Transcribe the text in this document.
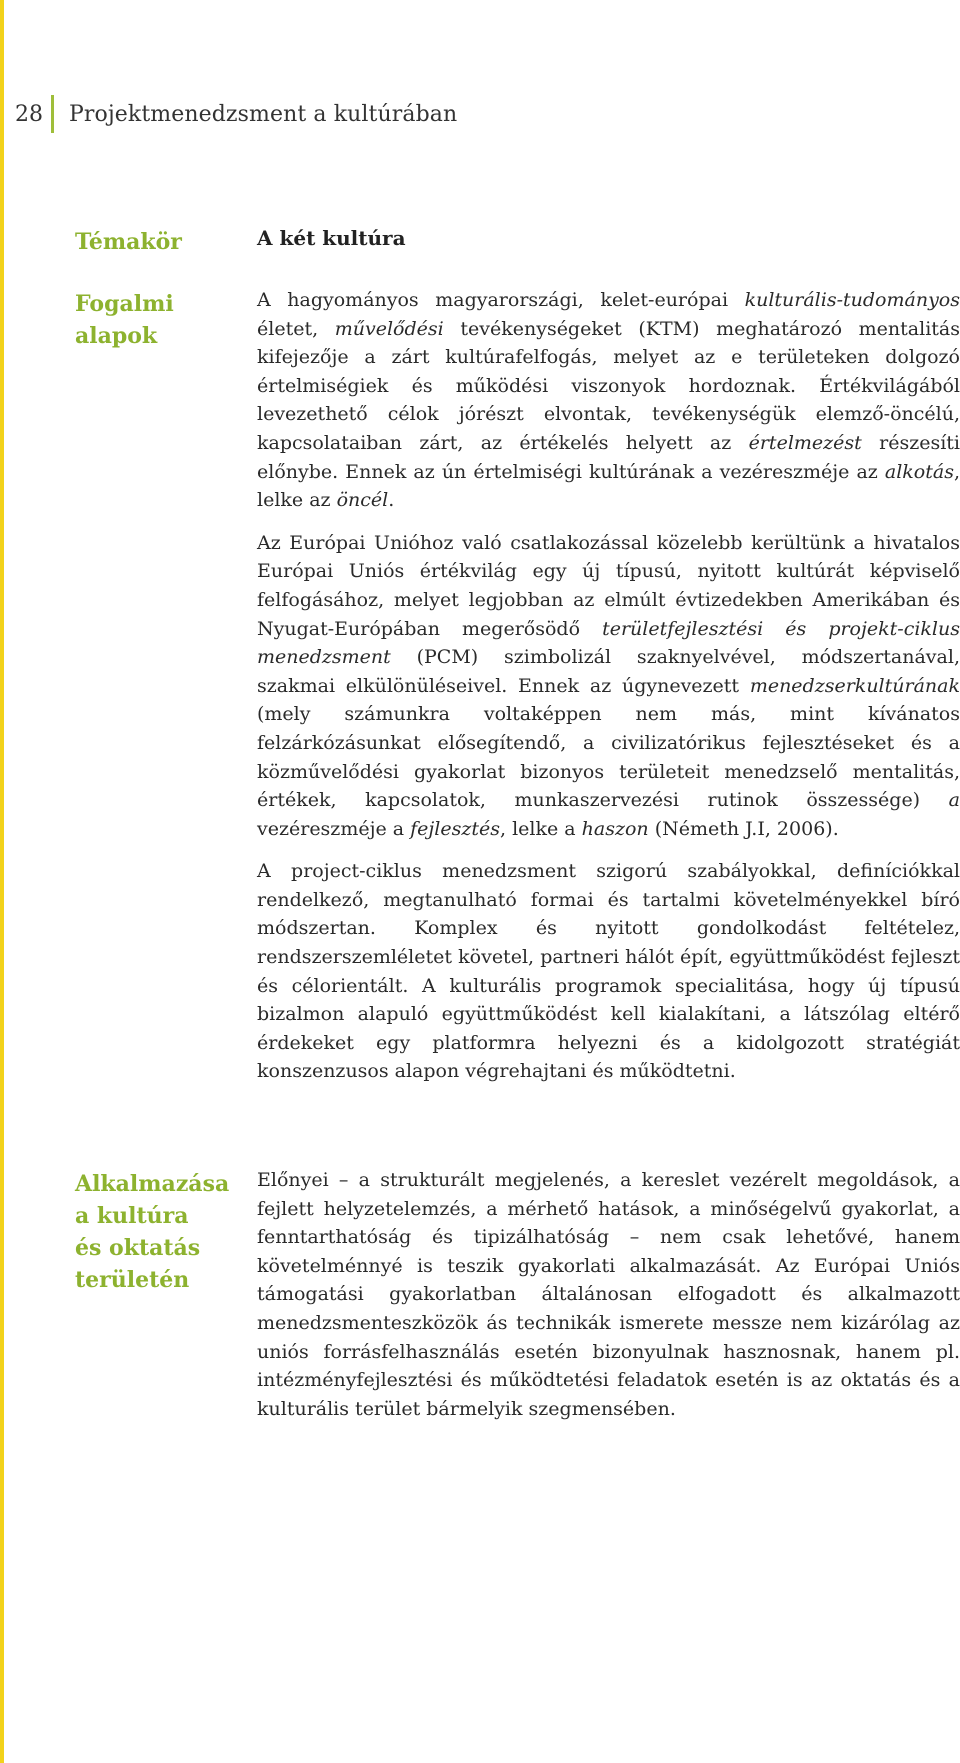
28	Projektmenedzsment a kultúrában
Témakör	A két kultúra
Fogalmi
alapok

A hagyományos magyarországi, kelet-európai kulturális-tudományos életet, művelődési tevékenységeket (KTM) meghatározó mentalitás kifejezője a zárt kultúrafelfogás, melyet az e területeken dolgozó értelmiségiek és működési viszonyok hordoznak. Értékvilágából levezethető célok jórészt elvontak, tevékenységük elemző-öncélú, kapcsolataiban zárt, az értékelés helyett az értelmezést részesíti előnybe. Ennek az ún értelmiségi kultúrának a vezéreszméje az alkotás, lelke az öncél.

Az Európai Unióhoz való csatlakozással közelebb kerültünk a hivatalos Európai Uniós értékvilág egy új típusú, nyitott kultúrát képviselő felfogásához, melyet legjobban az elmúlt évtizedekben Amerikában és Nyugat-Európában megerősödő területfejlesztési és projekt-ciklus menedzsment (PCM) szimbolizál szaknyelvével, módszertanával, szakmai elkülönüléseivel. Ennek az úgynevezett menedzserkultúrának (mely számunkra voltaképpen nem más, mint kívánatos felzárkózásunkat elősegítendő, a civilizatórikus fejlesztéseket és a közművelődési gyakorlat bizonyos területeit menedzselő mentalitás, értékek, kapcsolatok, munkaszervezési rutinok összessége) a vezéreszméje a fejlesztés, lelke a haszon (Németh J.I, 2006).

A project-ciklus menedzsment szigorú szabályokkal, definíciókkal rendelkező, megtanulható formai és tartalmi követelményekkel bíró módszertan. Komplex és nyitott gondolkodást feltételez, rendszerszemléletet követel, partneri hálót épít, együttműködést fejleszt és célorientált. A kulturális programok specialitása, hogy új típusú bizalmon alapuló együttműködést kell kialakítani, a látszólag eltérő érdekeket egy platformra helyezni és a kidolgozott stratégiát konszenzusos alapon végrehajtani és működtetni.

Alkalmazása
a kultúra
és oktatás
területén

Előnyei – a strukturált megjelenés, a kereslet vezérelt megoldások, a fejlett helyzetelemzés, a mérhető hatások, a minőségelvű gyakorlat, a fenntarthatóság és tipizálhatóság – nem csak lehetővé, hanem követelménnyé is teszik gyakorlati alkalmazását. Az Európai Uniós támogatási gyakorlatban általánosan elfogadott és alkalmazott menedzsmenteszközök ás technikák ismerete messze nem kizárólag az uniós forrásfelhasználás esetén bizonyulnak hasznosnak, hanem pl. intézményfejlesztési és működtetési feladatok esetén is az oktatás és a kulturális terület bármelyik szegmensében.
